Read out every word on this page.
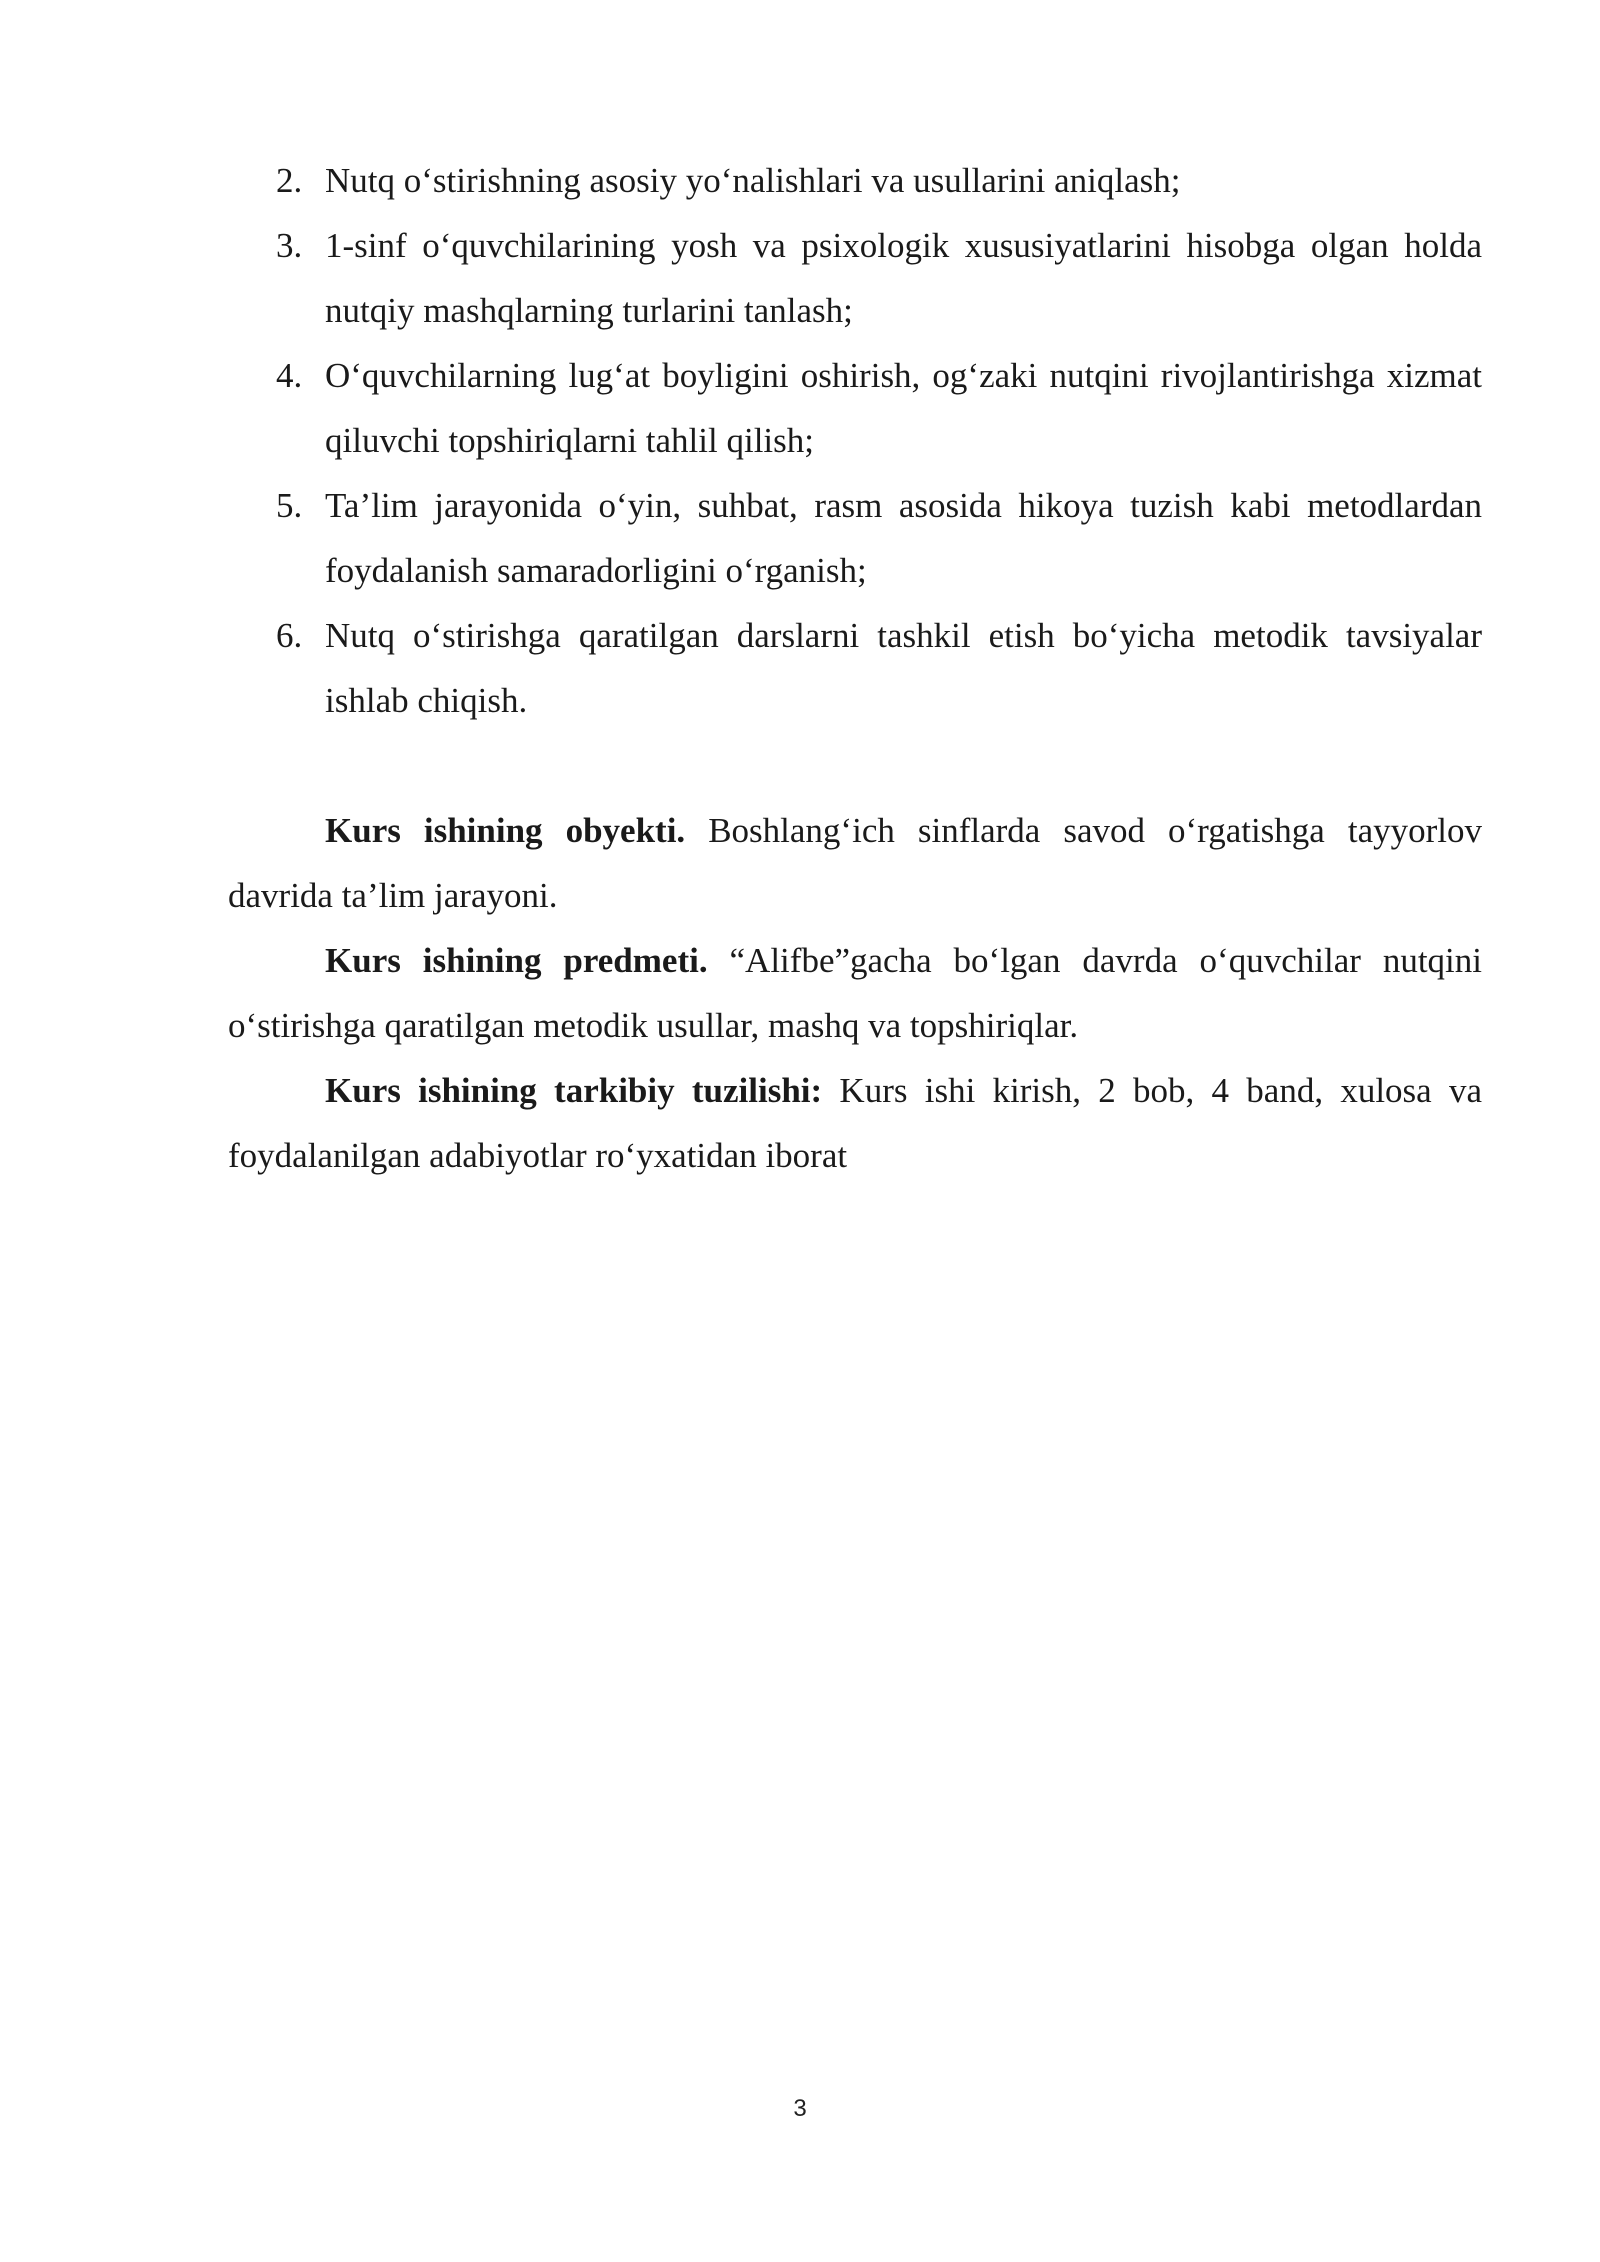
2. Nutq o‘stirishning asosiy yo‘nalishlari va usullarini aniqlash;
3. 1-sinf o‘quvchilarining yosh va psixologik xususiyatlarini hisobga olgan holda nutqiy mashqlarning turlarini tanlash;
4. O‘quvchilarning lug‘at boyligini oshirish, og‘zaki nutqini rivojlantirishga xizmat qiluvchi topshiriqlarni tahlil qilish;
5. Ta’lim jarayonida o‘yin, suhbat, rasm asosida hikoya tuzish kabi metodlardan foydalanish samaradorligini o‘rganish;
6. Nutq o‘stirishga qaratilgan darslarni tashkil etish bo‘yicha metodik tavsiyalar ishlab chiqish.

Kurs ishining obyekti. Boshlang‘ich sinflarda savod o‘rgatishga tayyorlov davrida ta’lim jarayoni.

Kurs ishining predmeti. “Alifbe”gacha bo‘lgan davrda o‘quvchilar nutqini o‘stirishga qaratilgan metodik usullar, mashq va topshiriqlar.

Kurs ishining tarkibiy tuzilishi: Kurs ishi kirish, 2 bob, 4 band, xulosa va foydalanilgan adabiyotlar ro‘yxatidan iborat

3
